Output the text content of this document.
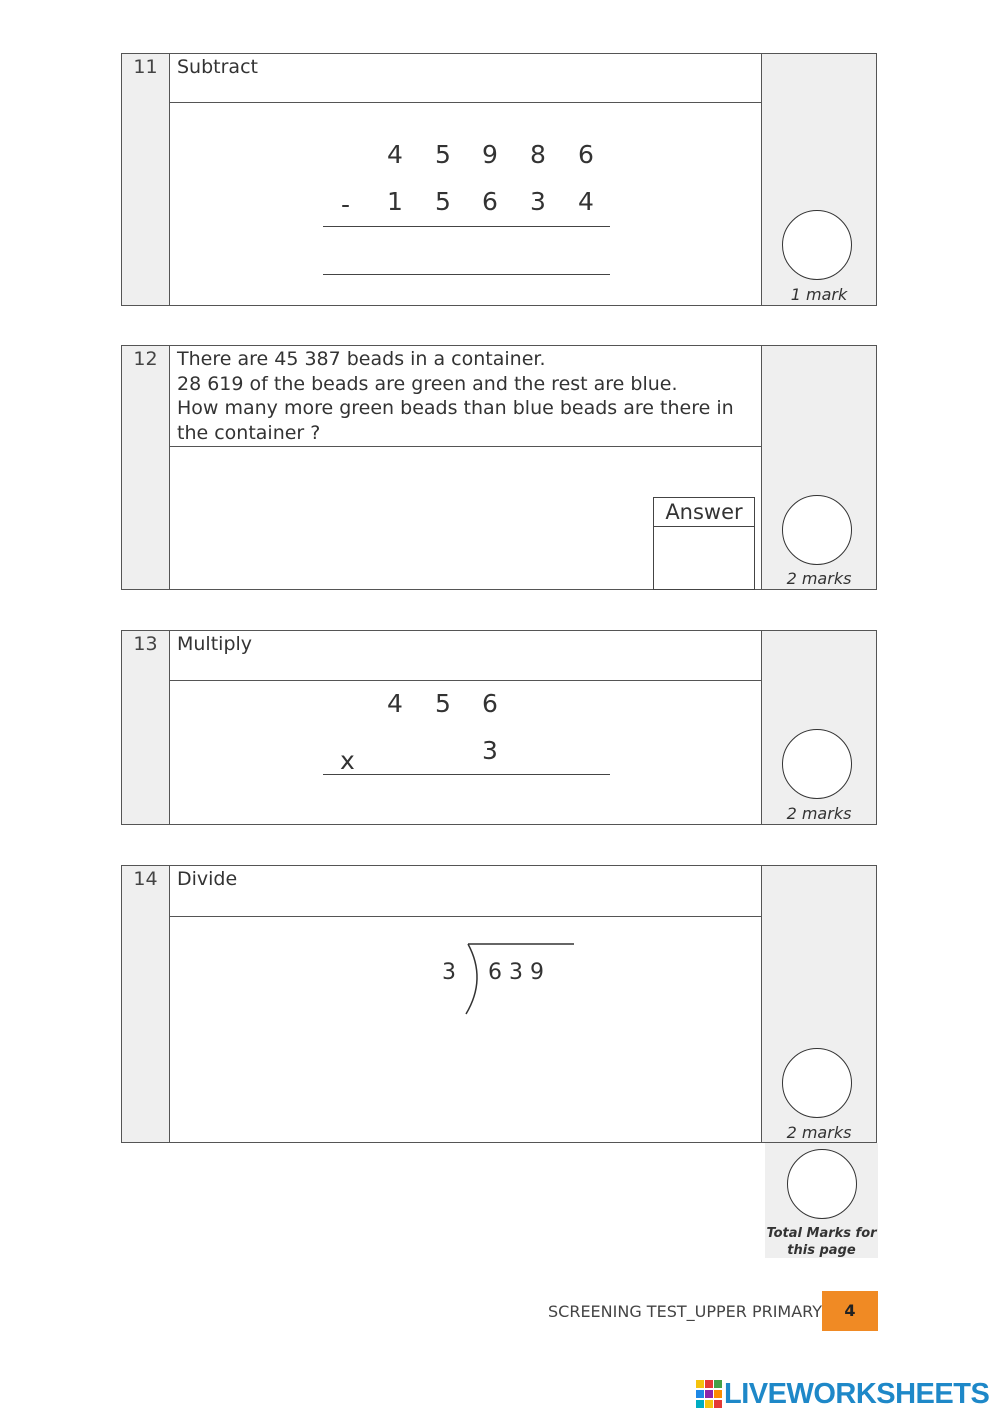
11	Subtract
1 mark
4 5 9 8 6
- 1 5 6 3 4
12	There are 45 387 beads in a container.
28 619 of the beads are green and the rest are blue.
How many more green beads than blue beads are there in
the container ?
2 marks
Answer
13	Multiply
2 marks
4 5 6
x	3
14	Divide
2 marks
3 6 3 9
Total Marks for
this page
SCREENING TEST_UPPER PRIMARY	4
LIVEWORKSHEETS
